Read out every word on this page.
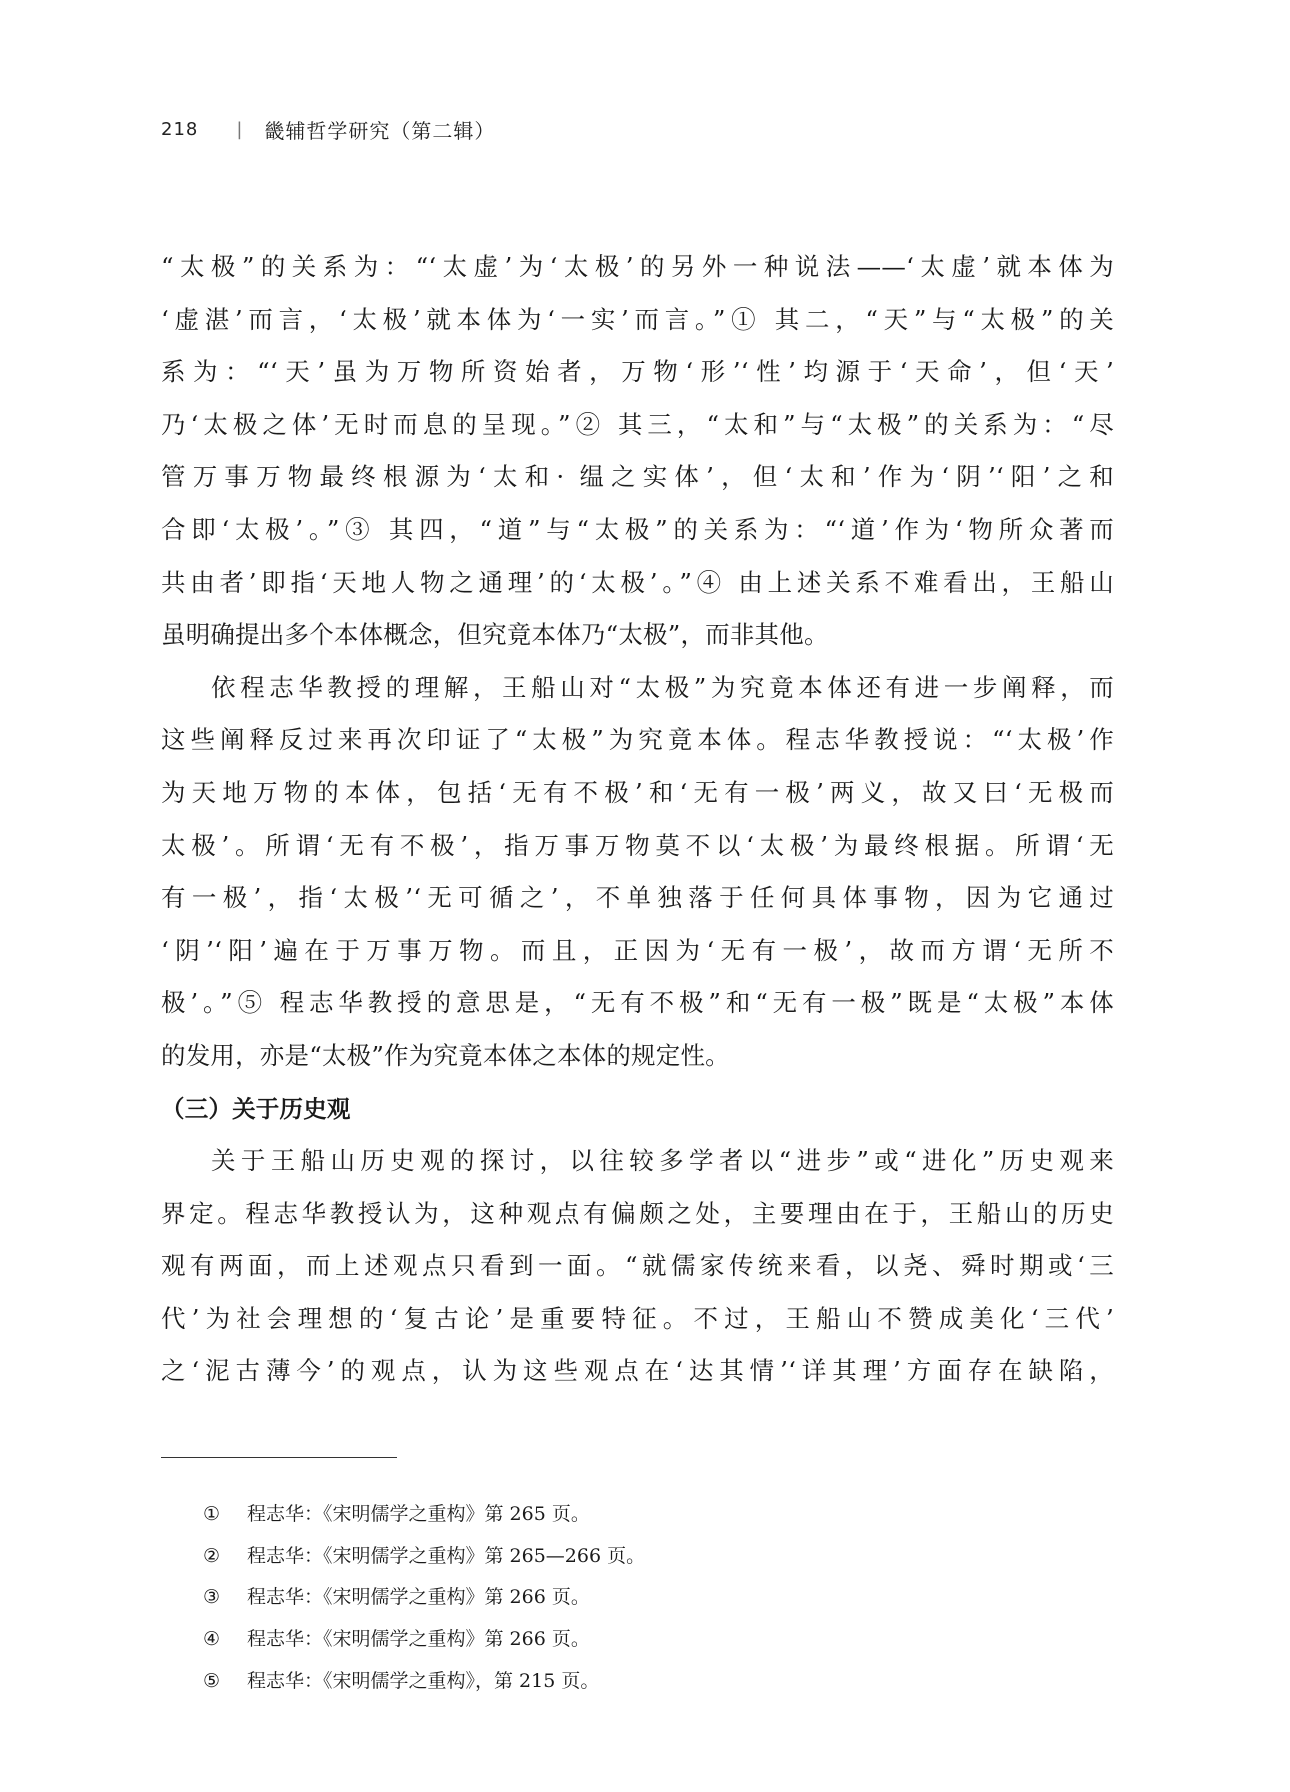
218 | 畿辅哲学研究（第二辑）
“太极”的关系为：“‘太虚’为‘太极’的另外一种说法——‘太虚’就本体为
‘虚湛’而言，‘太极’就本体为‘一实’而言。”① 其二，“天”与“太极”的关
系为：“‘天’虽为万物所资始者，万物‘形’‘性’均源于‘天命’，但‘天’
乃‘太极之体’无时而息的呈现。”② 其三，“太和”与“太极”的关系为：“尽
管万事万物最终根源为‘太和· 缊之实体’，但‘太和’作为‘阴’‘阳’之和
合即‘太极’。”③ 其四，“道”与“太极”的关系为：“‘道’作为‘物所众著而
共由者’即指‘天地人物之通理’的‘太极’。”④ 由上述关系不难看出，王船山
虽明确提出多个本体概念，但究竟本体乃“太极”，而非其他。
依程志华教授的理解，王船山对“太极”为究竟本体还有进一步阐释，而
这些阐释反过来再次印证了“太极”为究竟本体。程志华教授说：“‘太极’作
为天地万物的本体，包括‘无有不极’和‘无有一极’两义，故又曰‘无极而
太极’。所谓‘无有不极’，指万事万物莫不以‘太极’为最终根据。所谓‘无
有一极’，指‘太极’‘无可循之’，不单独落于任何具体事物，因为它通过
‘阴’‘阳’遍在于万事万物。而且，正因为‘无有一极’，故而方谓‘无所不
极’。”⑤ 程志华教授的意思是，“无有不极”和“无有一极”既是“太极”本体
的发用，亦是“太极”作为究竟本体之本体的规定性。
（三）关于历史观
关于王船山历史观的探讨，以往较多学者以“进步”或“进化”历史观来
界定。程志华教授认为，这种观点有偏颇之处，主要理由在于，王船山的历史
观有两面，而上述观点只看到一面。“就儒家传统来看，以尧、舜时期或‘三
代’为社会理想的‘复古论’是重要特征。不过，王船山不赞成美化‘三代’
之‘泥古薄今’的观点，认为这些观点在‘达其情’‘详其理’方面存在缺陷，
① 程志华：《宋明儒学之重构》第 265 页。
② 程志华：《宋明儒学之重构》第 265—266 页。
③ 程志华：《宋明儒学之重构》第 266 页。
④ 程志华：《宋明儒学之重构》第 266 页。
⑤ 程志华：《宋明儒学之重构》，第 215 页。
